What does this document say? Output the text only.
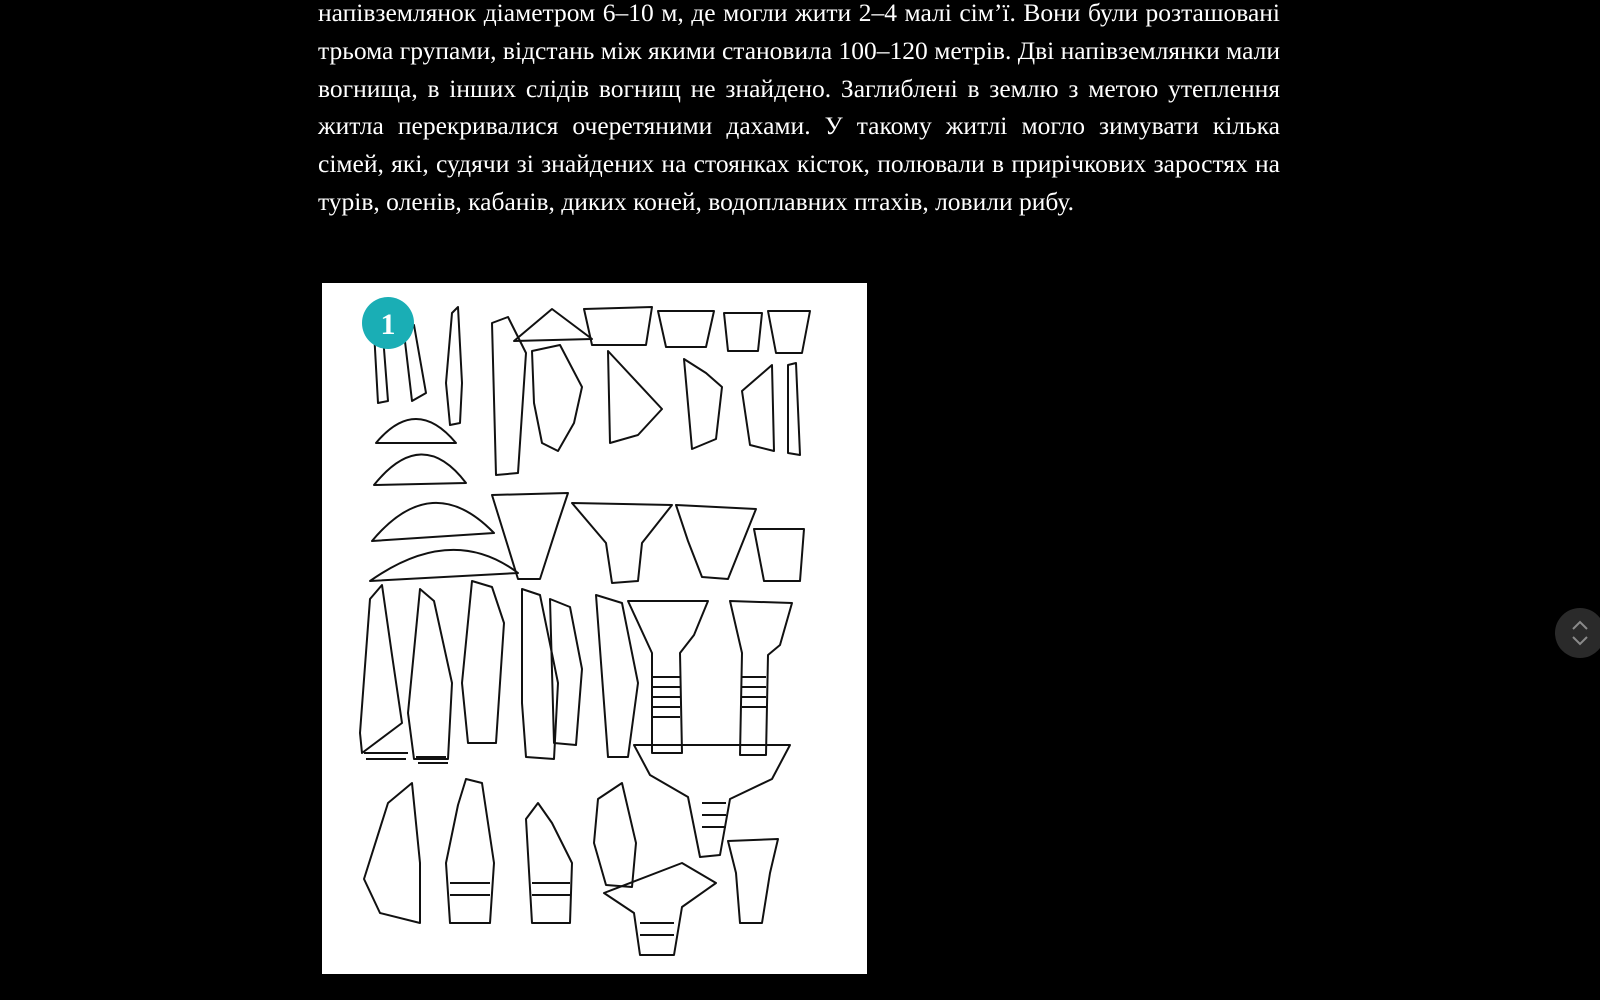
напівземлянок діаметром 6–10 м, де могли жити 2–4 малі сім’ї. Вони були розташовані трьома групами, відстань між якими становила 100–120 метрів. Дві напівземлянки мали вогнища, в інших слідів вогнищ не знайдено. Заглиблені в землю з метою утеплення житла перекривалися очеретяними дахами. У такому житлі могло зимувати кілька сімей, які, судячи зі знайдених на стоянках кісток, полювали в прирічкових заростях на турів, оленів, кабанів, диких коней, водоплавних птахів, ловили рибу.

1
